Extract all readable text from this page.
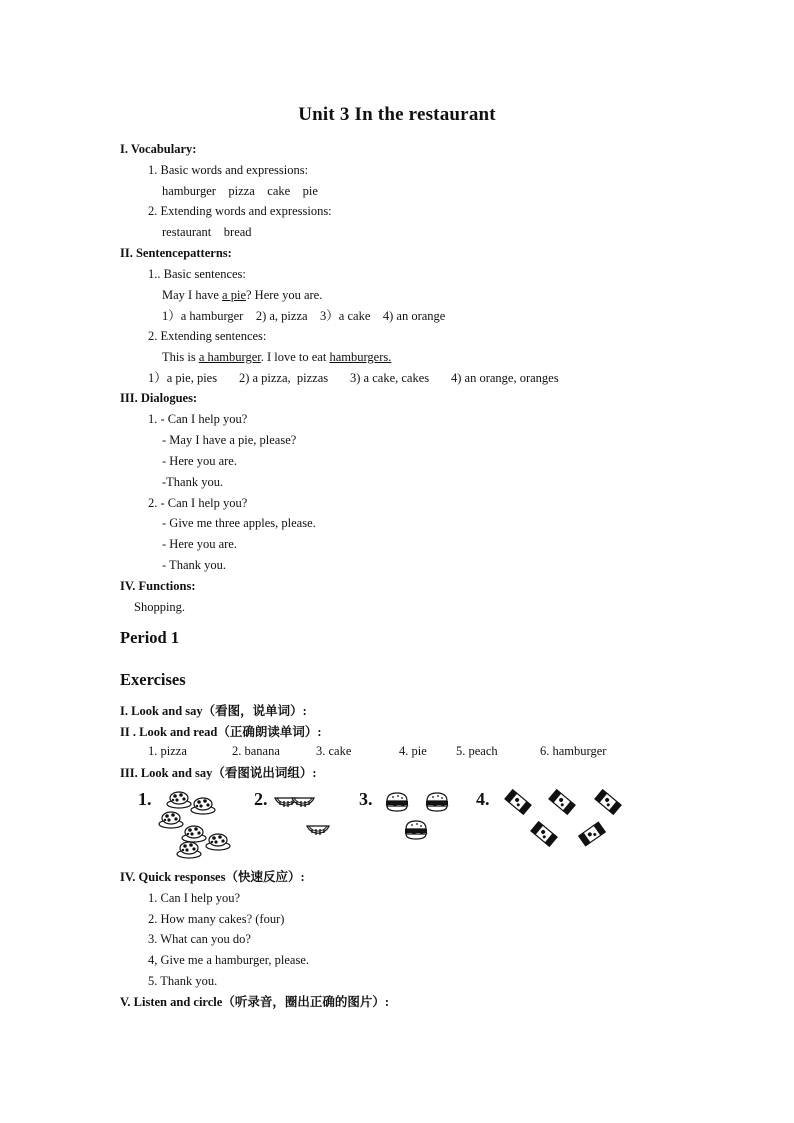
Unit 3 In the restaurant
I. Vocabulary:
1. Basic words and expressions:
hamburger    pizza    cake    pie
2. Extending words and expressions:
restaurant    bread
II. Sentencepatterns:
1.. Basic sentences:
May I have a pie? Here you are.
1）a hamburger    2) a, pizza    3）a cake    4) an orange
2. Extending sentences:
This is a hamburger. I love to eat hamburgers.
1）a pie, pies       2) a pizza,  pizzas       3) a cake, cakes       4) an orange, oranges
III. Dialogues:
1. - Can I help you?
- May I have a pie, please?
- Here you are.
-Thank you.
2. - Can I help you?
- Give me three apples, please.
- Here you are.
- Thank you.
IV. Functions:
Shopping.
Period 1
Exercises
I. Look and say（看图，说单词）:
II . Look and read（正确朗读单词）:

1. pizza

	2. banana

	3. cake

	4. pie

5. peach

	6. hamburger

III. Look and say（看图说出词组）:
1.	2.	3.	4.
IV. Quick responses（快速反应）:
1. Can I help you?
2. How many cakes? (four)
3. What can you do?
4, Give me a hamburger, please.
5. Thank you.
V. Listen and circle（听录音，圈出正确的图片）:
